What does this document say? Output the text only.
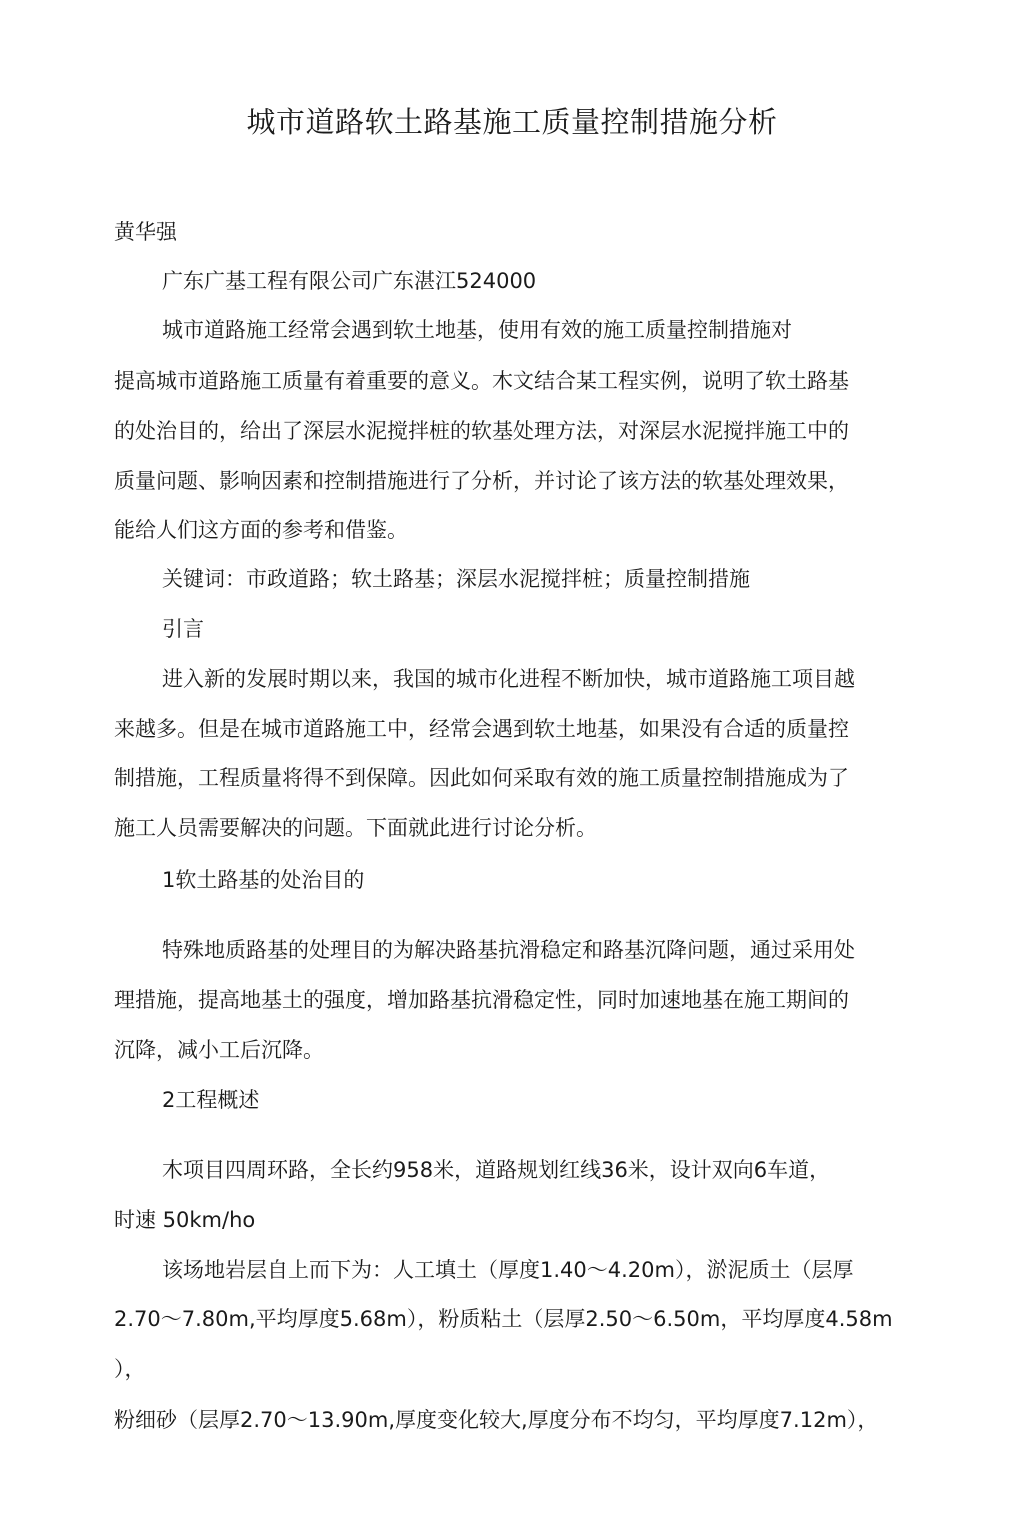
城市道路软土路基施工质量控制措施分析
黄华强
广东广基工程有限公司广东湛江524000
城市道路施工经常会遇到软土地基，使用有效的施工质量控制措施对
提高城市道路施工质量有着重要的意义。木文结合某工程实例，说明了软土路基
的处治目的，给出了深层水泥搅拌桩的软基处理方法，对深层水泥搅拌施工中的
质量问题、影响因素和控制措施进行了分析，并讨论了该方法的软基处理效果，
能给人们这方面的参考和借鉴。
关键词：市政道路；软土路基；深层水泥搅拌桩；质量控制措施
引言
进入新的发展时期以来，我国的城市化进程不断加快，城市道路施工项目越
来越多。但是在城市道路施工中，经常会遇到软土地基，如果没有合适的质量控
制措施，工程质量将得不到保障。因此如何采取有效的施工质量控制措施成为了
施工人员需要解决的问题。下面就此进行讨论分析。
1软土路基的处治目的
特殊地质路基的处理目的为解决路基抗滑稳定和路基沉降问题，通过采用处
理措施，提高地基土的强度，增加路基抗滑稳定性，同时加速地基在施工期间的
沉降，减小工后沉降。
2工程概述
木项目四周环路，全长约958米，道路规划红线36米，设计双向6车道，
时速 50km/ho
该场地岩层自上而下为：人工填土（厚度1.40～4.20m），淤泥质土（层厚
2.70～7.80m,平均厚度5.68m），粉质粘土（层厚2.50～6.50m，平均厚度4.58m
），
粉细砂（层厚2.70～13.90m,厚度变化较大,厚度分布不均匀，平均厚度7.12m），
